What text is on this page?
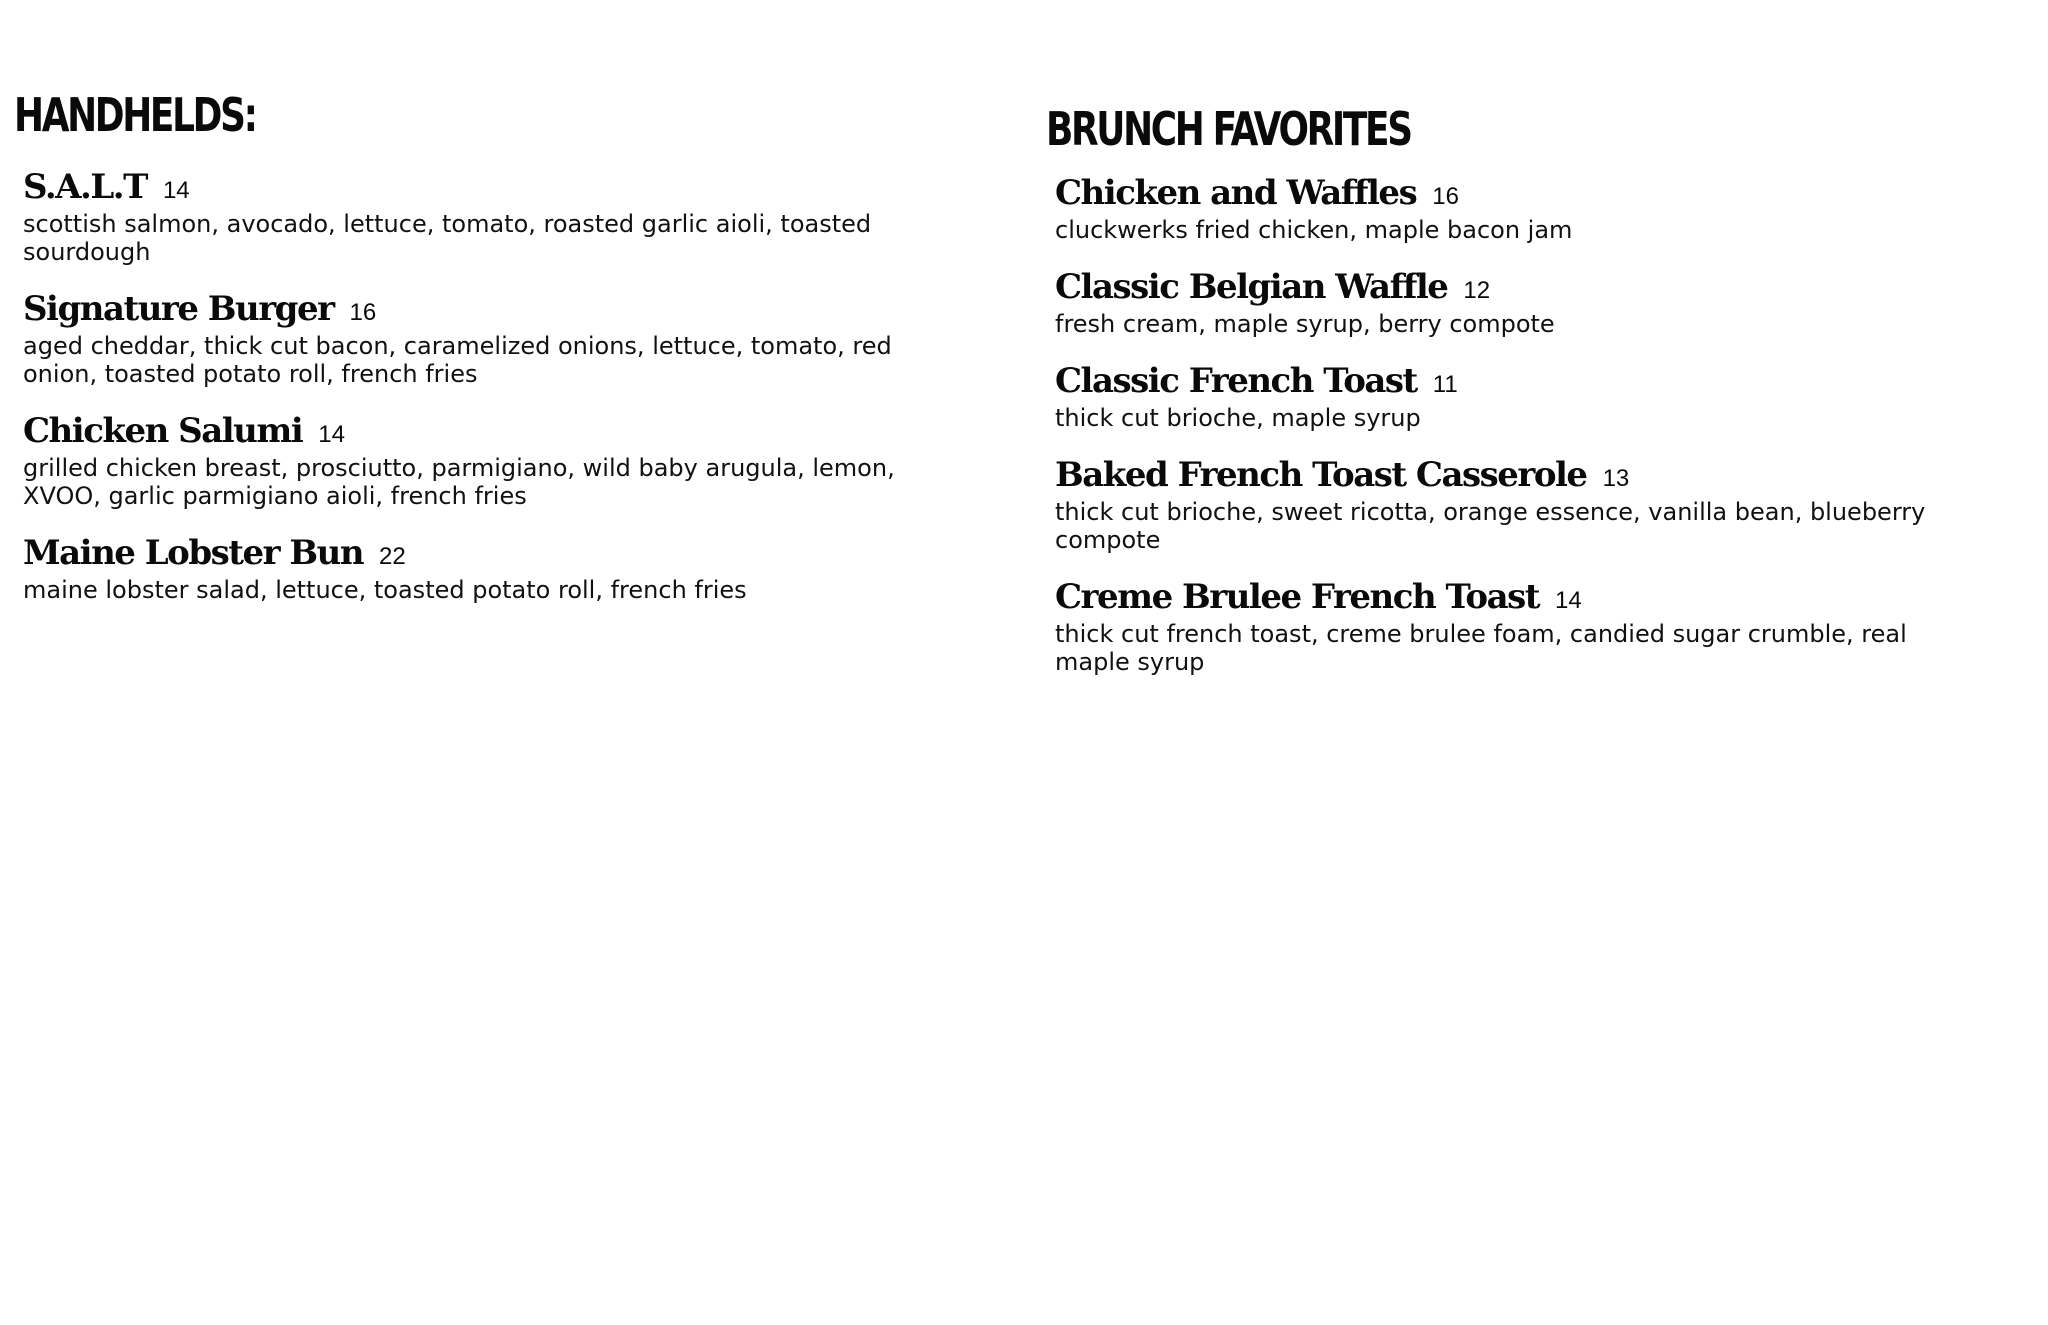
HANDHELDS:
S.A.L.T 14

scottish salmon, avocado, lettuce, tomato, roasted garlic aioli, toasted sourdough

Signature Burger 16

aged cheddar, thick cut bacon, caramelized onions, lettuce, tomato, red onion, toasted potato roll, french fries

Chicken Salumi 14

grilled chicken breast, prosciutto, parmigiano, wild baby arugula, lemon, XVOO, garlic parmigiano aioli, french fries

Maine Lobster Bun 22

maine lobster salad, lettuce, toasted potato roll, french fries

BRUNCH FAVORITES
Chicken and Waffles 16

cluckwerks fried chicken, maple bacon jam

Classic Belgian Waffle 12

fresh cream, maple syrup, berry compote

Classic French Toast 11

thick cut brioche, maple syrup

Baked French Toast Casserole 13

thick cut brioche, sweet ricotta, orange essence, vanilla bean, blueberry compote

Creme Brulee French Toast 14

thick cut french toast, creme brulee foam, candied sugar crumble, real maple syrup
